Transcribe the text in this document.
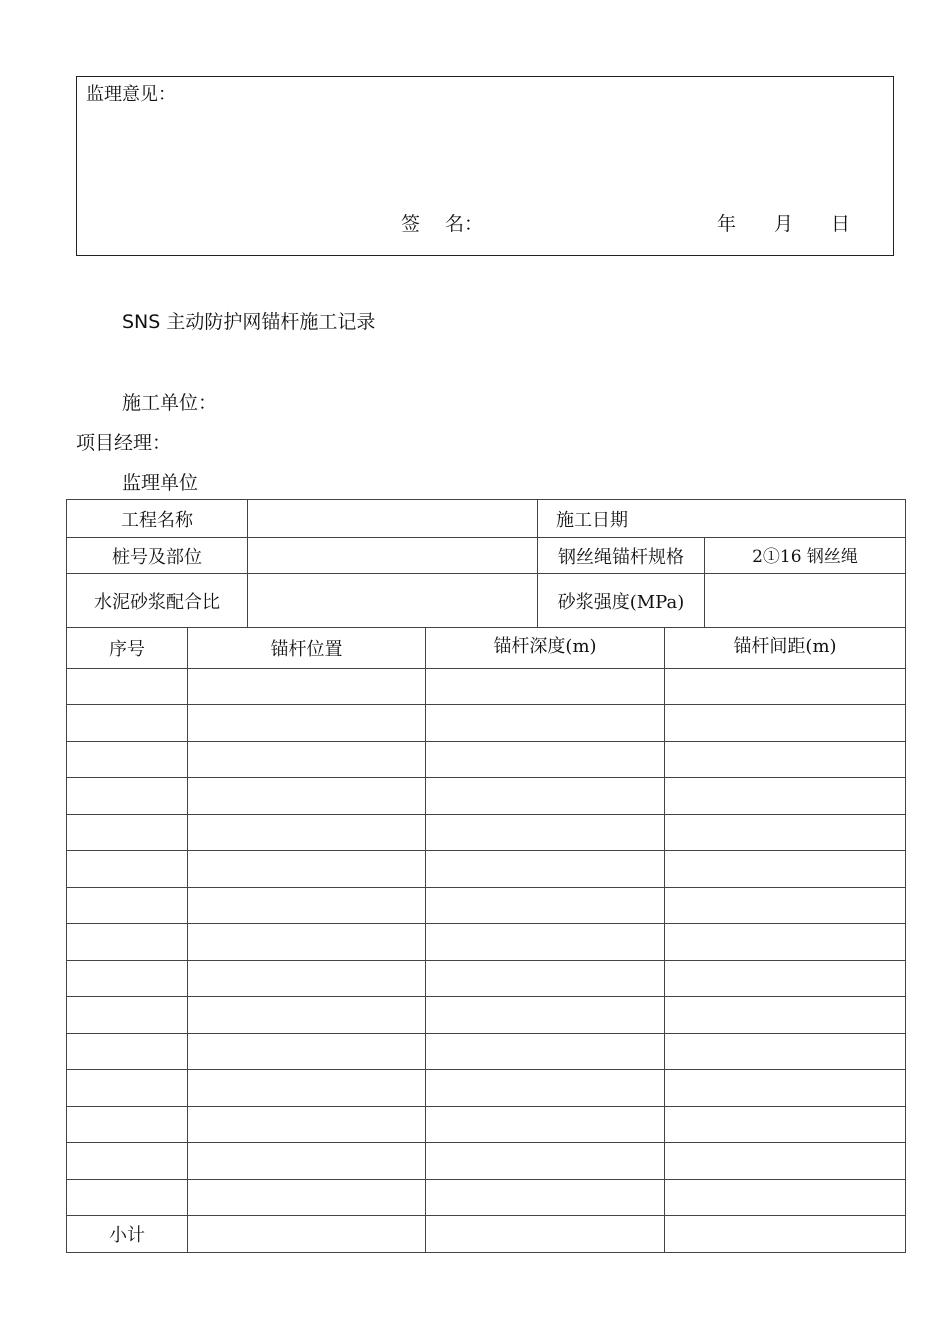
监理意见：
签　 名：	年　　月　　日
SNS 主动防护网锚杆施工记录
施工单位：
项目经理：
监理单位
工程名称		施工日期	
桩号及部位		钢丝绳锚杆规格	2①16 钢丝绳
水泥砂浆配合比		砂浆强度(MPa)	
序号	锚杆位置	锚杆深度(m)	锚杆间距(m)

小计			
